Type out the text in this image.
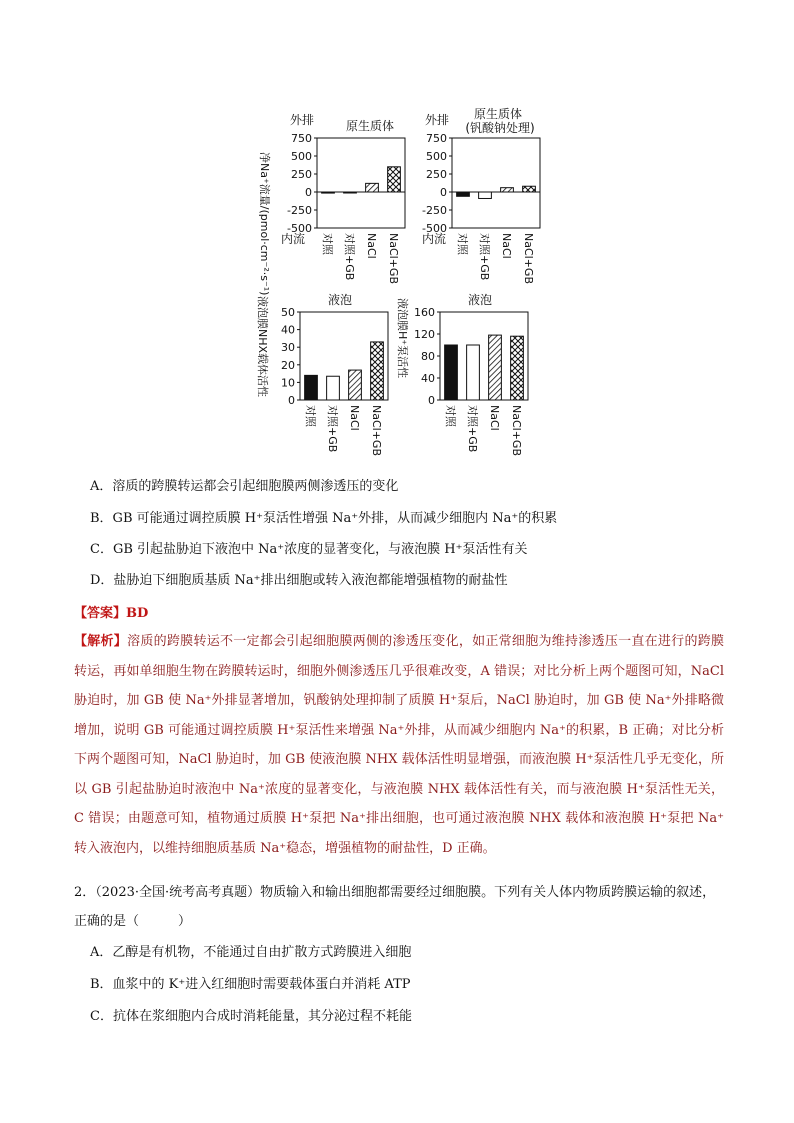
外排	原生质体
内流
净Na⁺流量/(pmol·cm⁻²·s⁻¹)
750
500
250
0
-250
-500
对照 对照+GB NaCl NaCl+GB
外排 原生质体
(钒酸钠处理)
内流
750
500
250
0
-250
-500
对照 对照+GB NaCl NaCl+GB
液泡
液泡膜NHX载体活性 50
40
30
20
10
0
对照 对照+GB NaCl NaCl+GB
液泡
液泡膜H⁺泵活性 160
120
80
40
0
对照 对照+GB NaCl NaCl+GB
A．溶质的跨膜转运都会引起细胞膜两侧渗透压的变化
B．GB 可能通过调控质膜 H⁺泵活性增强 Na⁺外排，从而减少细胞内 Na⁺的积累
C．GB 引起盐胁迫下液泡中 Na⁺浓度的显著变化，与液泡膜 H⁺泵活性有关
D．盐胁迫下细胞质基质 Na⁺排出细胞或转入液泡都能增强植物的耐盐性
【答案】BD
【解析】溶质的跨膜转运不一定都会引起细胞膜两侧的渗透压变化，如正常细胞为维持渗透压一直在进行的跨膜转运，再如单细胞生物在跨膜转运时，细胞外侧渗透压几乎很难改变，A 错误；对比分析上两个题图可知，NaCl 胁迫时，加 GB 使 Na⁺外排显著增加，钒酸钠处理抑制了质膜 H⁺泵后，NaCl 胁迫时，加 GB 使 Na⁺外排略微增加，说明 GB 可能通过调控质膜 H⁺泵活性来增强 Na⁺外排，从而减少细胞内 Na⁺的积累，B 正确；对比分析下两个题图可知，NaCl 胁迫时，加 GB 使液泡膜 NHX 载体活性明显增强，而液泡膜 H⁺泵活性几乎无变化，所以 GB 引起盐胁迫时液泡中 Na⁺浓度的显著变化，与液泡膜 NHX 载体活性有关，而与液泡膜 H⁺泵活性无关，C 错误；由题意可知，植物通过质膜 H⁺泵把 Na⁺排出细胞，也可通过液泡膜 NHX 载体和液泡膜 H⁺泵把 Na⁺转入液泡内，以维持细胞质基质 Na⁺稳态，增强植物的耐盐性，D 正确。
2．（2023·全国·统考高考真题）物质输入和输出细胞都需要经过细胞膜。下列有关人体内物质跨膜运输的叙述，正确的是（　　　）
A．乙醇是有机物，不能通过自由扩散方式跨膜进入细胞
B．血浆中的 K⁺进入红细胞时需要载体蛋白并消耗 ATP
C．抗体在浆细胞内合成时消耗能量，其分泌过程不耗能
